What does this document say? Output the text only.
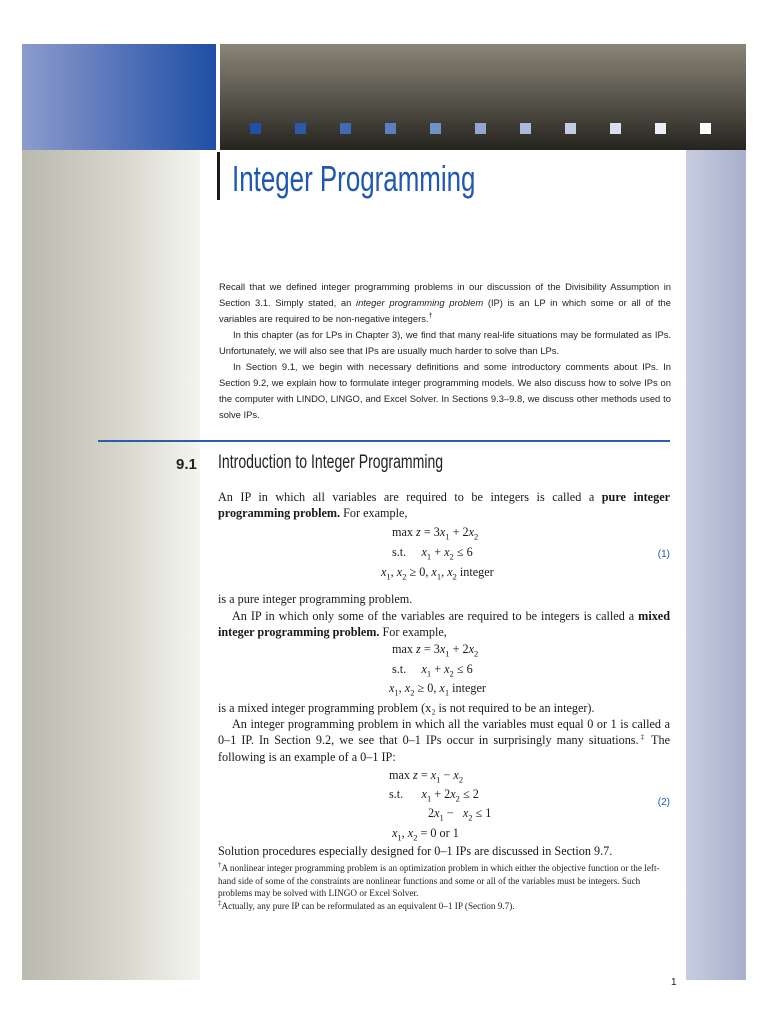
Integer Programming

Recall that we defined integer programming problems in our discussion of the Divisibility Assumption in Section 3.1. Simply stated, an integer programming problem (IP) is an LP in which some or all of the variables are required to be non-negative integers.†

In this chapter (as for LPs in Chapter 3), we find that many real-life situations may be formulated as IPs. Unfortunately, we will also see that IPs are usually much harder to solve than LPs.

In Section 9.1, we begin with necessary definitions and some introductory comments about IPs. In Section 9.2, we explain how to formulate integer programming models. We also discuss how to solve IPs on the computer with LINDO, LINGO, and Excel Solver. In Sections 9.3–9.8, we discuss other methods used to solve IPs.

9.1 Introduction to Integer Programming

An IP in which all variables are required to be integers is called a pure integer programming problem. For example,

$\max z = 3x_1 + 2x_2$
s.t.     $x_1 + x_2 \le 6$
$x_1$, $x_2 \ge 0$, $x_1$, $x_2$ integer
(1)

is a pure integer programming problem.

An IP in which only some of the variables are required to be integers is called a mixed integer programming problem. For example,

$\max z = 3x_1 + 2x_2$
s.t.     $x_1 + x_2 \le 6$
$x_1$, $x_2 \ge 0$, $x_1$ integer

is a mixed integer programming problem (x₂ is not required to be an integer).

An integer programming problem in which all the variables must equal 0 or 1 is called a 0–1 IP. In Section 9.2, we see that 0–1 IPs occur in surprisingly many situations.‡ The following is an example of a 0–1 IP:

$\max z = x_1 - x_2$
s.t.      $x_1 + 2x_2 \le 2$
$2x_1 - x_2 \le 1$
$x_1$, $x_2 = 0$ or 1
(2)

Solution procedures especially designed for 0–1 IPs are discussed in Section 9.7.

†A nonlinear integer programming problem is an optimization problem in which either the objective function or the left-hand side of some of the constraints are nonlinear functions and some or all of the variables must be integers. Such problems may be solved with LINGO or Excel Solver.

‡Actually, any pure IP can be reformulated as an equivalent 0–1 IP (Section 9.7).

1
